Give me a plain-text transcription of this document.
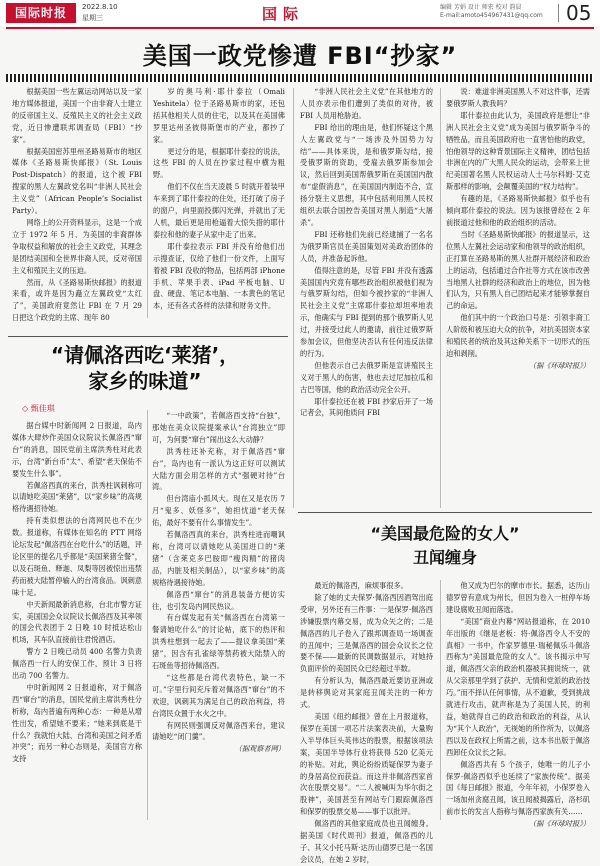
国际时报	2022.8.10
星期三	国际	编辑 芳娟 设计 师宏 校对 韵晨
E-mail:amoto454967431@qq.com 05
美国一政党惨遭 FBI“抄家”

根据美国一些左翼运动网站以及一家地方媒体报道，美国一个由非裔人士建立的反帝国主义、反殖民主义的社会主义政党，近日惨遭联邦调查局（FBI）“抄家”。

根据美国密苏里州圣路易斯市的地区媒体《圣路易斯快邮报》（St. Louis Post-Dispatch）的报道，这个被 FBI 搜家的黑人左翼政党名叫“非洲人民社会主义党”（African People’s Socialist Party）。

网络上的公开资料显示，这是一个成立于 1972 年 5 月、为美国的非裔群体争取权益和解放的社会主义政党，其理念是团结美国和全世界非裔人民，反对帝国主义和殖民主义的压迫。

然而，从《圣路易斯快邮报》的报道来看，或许是因为矗立左翼政党“太红了”，美国政府竟然让 FBI 在 7 月 29 日把这个政党的主席、现年 80

岁的奥马利·耶什泰拉（Omali Yeshitela）位于圣路易斯市的家，还包括其他相关人员的住宅，以及其在美国佛罗里达州圣彼得斯堡市的产业，都抄了家。

更过分的是，根据耶什泰拉的说法，这些 FBI 的人员在抄家过程中横为粗野。

他们不仅在当天凌晨 5 时就开着装甲车来到了耶什泰拉的住处，还打破了房子的窗户，向里面投掷闪光弹，并就出了无人机，最后更是用枪逼着大惊失措的耶什泰拉和他的妻子从家中走了出来。

耶什泰拉表示 FBI 并没有给他们出示搜查证，仅给了他们一份文件，上面写着被 FBI 没收的物品，包括两部 iPhone 手机、苹果手表、iPad 平板电脑、U 盘、硬盘、笔记本电脑、一本黄色的笔记本，还有各式各样的法律和财务文件。

“非洲人民社会主义党”在其他地方的人员亦表示他们遭到了类似的对待，被 FBI 人员用枪胁迫。

FBI 给出的理由是，他们怀疑这个黑人左翼政党与“一场涉及外国势力勾结”——具体来说，是和俄罗斯勾结，接受俄罗斯的资助，受雇去俄罗斯参加会议，然后回到美国帮俄罗斯在美国国内散布“虚假消息”，在美国国内制造不合，宣扬分裂主义思想，其中包括利用黑人民权组织去联合国控告美国对黑人制造“大屠杀”。

FBI 还称他们先前已经逮捕了一名名为俄罗斯官员在美国策划对美政治团体的人员，并准备起诉他。

值得注意的是，尽管 FBI 并没有透露美国国内究竟有哪些政治组织被他们视为与俄罗斯勾结，但如今被抄家的“非洲人民社会主义党”主席耶什泰拉却坦率地表示，他确实与 FBI 提到的那个俄罗斯人见过，并接受过此人的邀请，前往过俄罗斯参加会议，但他坚决否认有任何违反法律的行为。

但他表示自己去俄罗斯是宣讲殖民主义对于黑人的伤害，他也去过尼加拉瓜和古巴等国，他的政治活动完全公开。

耶什泰拉还在被 FBI 抄家后开了一场记者会，其间他质问 FBI

说：难道非洲美国黑人不对这件事，还需要俄罗斯人教我吗？

耶什泰拉由此认为，美国政府是想让“非洲人民社会主义党”成为美国与俄罗斯争斗的牺牲品，而且美国政府也一直害怕他的政党，怕他领导的这种背景国际主义精神，团结包括非洲在内的广大黑人民众的运动，会带来上世纪美国著名黑人民权运动人士马尔科姆·艾克斯那样的影响，会颠覆美国的“权力结构”。

有趣的是，《圣路易斯快邮报》似乎也有倾向耶什泰拉的说法。因为该报曾经在 2 年前报道过他和他的政治组织的活动。

当时《圣路易斯快邮报》的报道显示，这位黑人左翼社会运动家和他领导的政治组织，正打算在圣路易斯的黑人社群开展经济和政治上的运动，包括通过合作社等方式在该市改善当地黑人社群的经济和政治上的地位，因为他们认为，只有黑人自己团结起来才能够掌握自己的命运。

他们其中的一个政治口号是：引领非裔工人阶级和被压迫大众的抗争，对抗美国资本家和殖民者的统治及其这种关系下一切形式的压迫和剥削。

（据《环球时报》）

“请佩洛西吃‘莱猪’，
家乡的味道”
◇ 甄佳琪

据台媒中时新闻网 2 日报道，岛内媒体大肆炒作美国众议院议长佩洛西“窜台”的消息，国民党前主席洪秀柱对此表示，台湾“新台币”太“、希望“老天保佑不要发生什么事”。

若佩洛西真的来台，洪秀柱讽刺称可以请她吃美国“莱猪”，以“家乡味”的高规格待遇招待她。

持有类似想法的台湾网民也不在少数。报道称，有媒体在知名的 PTT 网络论坛发起“佩洛西在台吃什么”的话题，评论区里的提名几乎都是“美国莱猪全餐”，以及石斑鱼、释迦、凤梨等因被惊出违禁药而被大陆暂停输入的台湾食品。讽刺意味十足。

中天新闻最新消息称，台北市警方证实，美国国会众议院议长佩洛西及其率领的国会代表团于 2 日晚 10 时抵达松山机场，其车队直接前往君悦酒店。

警方 2 日晚已动员 400 名警力负责佩洛西一行人的安保工作，预计 3 日将出动 700 名警力。

中时新闻网 2 日报道称，对于佩洛西“窜台”的消息，国民党前主席洪秀柱分析称，岛内普遍有两种心态：一种是从增性出发，希望她不要来；“她来到底是干什么？我就怕大陆、台湾和美国之间矛盾冲突”；而另一种心态则是，美国官方称支持

“一中政策”，若佩洛西支持“台独”，那她在美众议院提案承认“台湾独立”即可，为何要“窜台”闹出这么大动静？

洪秀柱还补充称，对于佩洛西“窜台”，岛内也有一派认为这正好可以测试大陆方面会用怎样的方式“强硬对待”台湾。

但台湾庙小抓风大。现在又是农历 7 月“鬼多、妖怪多”，她担忧道“老天保佑，最好不要有什么事情发生”。

若佩洛西真的来台，洪秀柱进而嘲讽称，台湾可以请她吃从美国进口的“莱猪”（含莱克多巴胺即“瘦肉精”的猪肉品，内脏及相关制品），以“家乡味”的高规格待遇接待她。

佩洛西“窜台”的消息装备方便访实往，也引发岛内网民热议。

有台媒发起有关“佩洛西在台湾第一餐请她吃什么”的讨论帖，底下的热评和洪秀柱想到一起去了——提议拿美国“莱猪”，因含有孔雀绿等禁药被大陆禁入的石斑鱼等招待佩洛西。

“这些都是台湾代表特色，缺一不可。”字里行间充斥着对佩洛西“窜台”的不欢迎，讽刺其为满足自己的政治利益，将台湾民众置于水火之中。

有网民则强调反对佩洛西来台，建议请她吃“闭门羹”。

（据观察者网）

“美国最危险的女人”
丑闻缠身

最近的佩洛西，麻烦事很多。

除了她的丈夫保罗·佩洛西因酒驾出庭受审，另外还有三件事：一是保罗·佩洛西涉嫌股票内幕交易，成为众矢之的；二是佩洛西的儿子卷入了跟邦调查局一场调查的丑闻中；三是佩洛西的国会众议长之位要不保——最新的民调数据显示，对她持负面评价的美国民众已经超过半数。

有分析认为，佩洛西最近要访亚洲或是转移舆论对其家庭丑闻关注的一种方式。

美国《纽约邮报》曾在上月报道称，保罗在美国一项芯片法案表决前，大量购入半导体巨头英伟达的股票，根据该项法案，美国半导体行业将获得 520 亿美元的补贴。对此，舆论纷纷质疑保罗为妻子的身居高位而获益。而这并非佩洛西家首次在股票交易”。“二人被喊叫为华尔街之股神”，美国甚至有网站专门跟踪佩洛西和保罗的股票交易——事于以批评。

佩洛西的其他家庭成员也丑闻缠身。据美国《时代周刊》报道，佩洛西的儿子、其父小托马斯·达历山德罗已是一名国会议员，在她 2 岁时，

他又成为巴尔的摩市市长。据悉，达历山德罗曾有意成为州长，但因为卷入一桩停车场建设腐败丑闻而落选。

“美国”商业内幕“网站报道称，在 2010 年出版的《继是老板：将·佩洛西令人不安的真相》一书中，作家罗德里·瑞秘佩乐斗佩洛西称为“美国最危险的女人”。该书揭示中写道，佩洛西父亲的政治机器被其拥说统一，就从父亲那里学到了获护、无情和党派的政治技巧。”而不择认任何事情，从不道歉，受到挑战就进行攻击，就声称是为了美国人民，的利益，她就得自己的政治和政治的利益，从认为“其个人政治”，无视她的所作所为，以佩洛西以及在政权上所需之前，这本书出版于佩洛西卸任众议长之际。

佩洛西共有 5 个孩子，她唯一的儿子小保罗·佩洛西似乎也延续了“家族传统”。据美国《每日邮报》报道，今年年初，小保罗卷入一场加州贪腐丑闻，该丑闻被揭露后，洛杉矶前市长的发言人指称与佩洛西家族有关……

（据《环球时报》）
